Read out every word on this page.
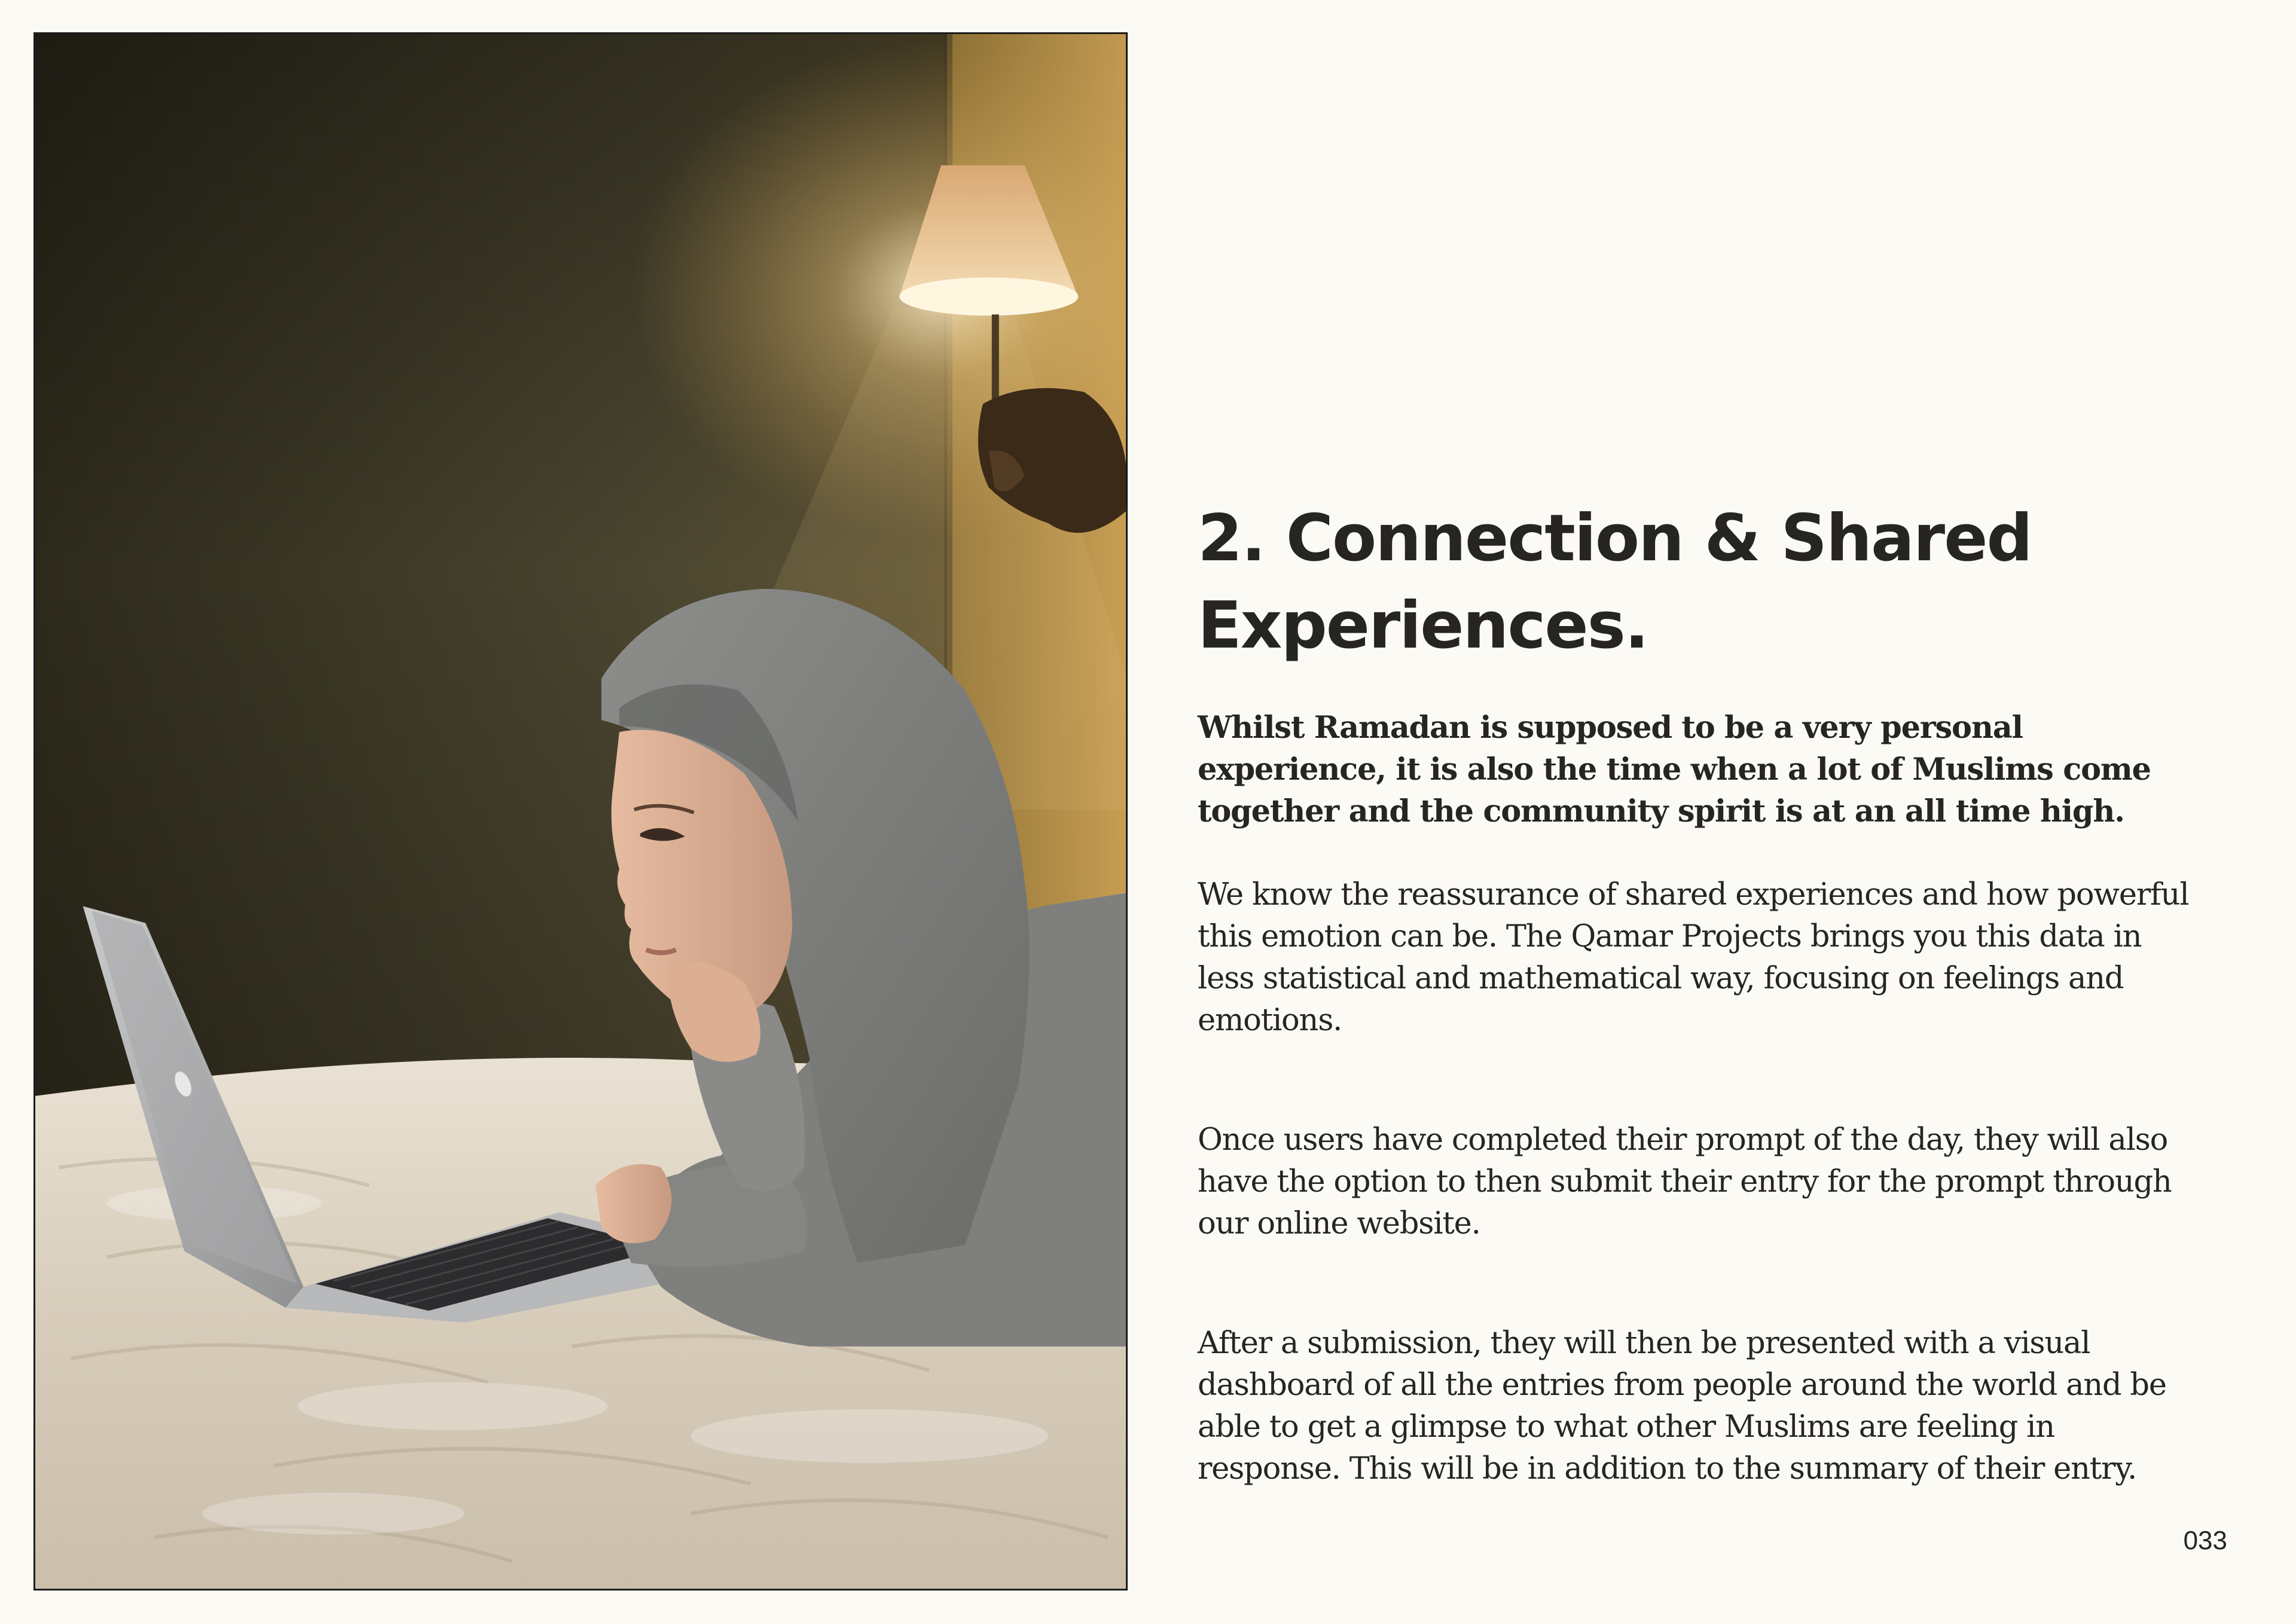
2. Connection & Shared
Experiences.

Whilst Ramadan is supposed to be a very personal experience, it is also the time when a lot of Muslims come together and the community spirit is at an all time high.

We know the reassurance of shared experiences and how powerful this emotion can be. The Qamar Projects brings you this data in less statistical and mathematical way, focusing on feelings and emotions.

Once users have completed their prompt of the day, they will also have the option to then submit their entry for the prompt through our online website.

After a submission, they will then be presented with a visual dashboard of all the entries from people around the world and be able to get a glimpse to what other Muslims are feeling in response. This will be in addition to the summary of their entry.

033
